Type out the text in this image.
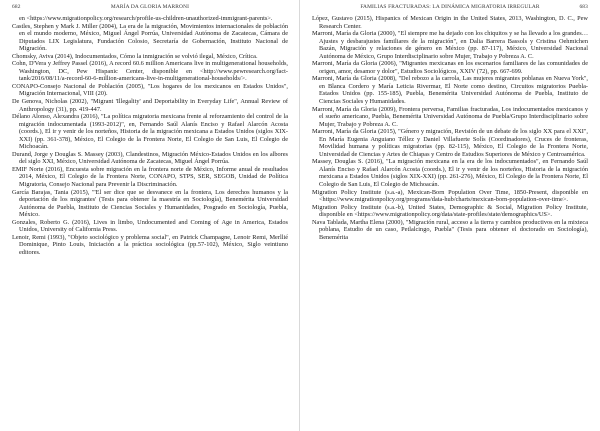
682	MARÍA DA GLORIA MARRONI

en <https://www.migrationpolicy.org/research/profile-us-children-unauthorized-immigrant-parents>.

Castles, Stephen y Mark J. Miller (2004), La era de la migración, Movimientos internacionales de población en el mundo moderno, México, Miguel Ángel Porrúa, Universidad Autónoma de Zacatecas, Cámara de Diputados LIX Legislatura, Fundación Colosio, Secretaría de Gobernación, Instituto Nacional de Migración.

Chomsky, Aviva (2014), Indocumentados, Cómo la inmigración se volvió ilegal, México, Crítica.

Cohn, D'Vera y Jeffrey Passel (2016), A record 60.6 million Americans live in multigenerational households, Washington, DC, Pew Hispanic Center, disponible en <http://www.pewresearch.org/fact-tank/2016/08/11/a-record-60-6-million-americans-live-in-multigenerational-households/>.

CONAPO-Consejo Nacional de Población (2005), "Los hogares de los mexicanos en Estados Unidos", Migración Internacional, VIII (20).

De Genova, Nicholas (2002), "Migrant 'Illegality' and Deportability in Everyday Life", Annual Review of Anthropology (31), pp. 419-447.

Délano Alonso, Alexandra (2016), "La política migratoria mexicana frente al reforzamiento del control de la migración indocumentada (1993-2012)", en, Fernando Saúl Alanís Enciso y Rafael Alarcón Acosta (coords.), El ir y venir de los norteños, Historia de la migración mexicana a Estados Unidos (siglos XIX-XXI) (pp. 361-378), México, El Colegio de la Frontera Norte, El Colegio de San Luis, El Colegio de Michoacán.

Durand, Jorge y Douglas S. Massey (2003), Clandestinos, Migración México-Estados Unidos en los albores del siglo XXI, México, Universidad Autónoma de Zacatecas, Miguel Ángel Porrúa.

EMIF Norte (2016), Encuesta sobre migración en la frontera norte de México, Informe anual de resultados 2014, México, El Colegio de la Frontera Norte, CONAPO, STPS, SER, SEGOB, Unidad de Política Migratoria, Consejo Nacional para Prevenir la Discriminación.

García Barajas, Tania (2015), "'El ser dice que se desvanece en la frontera, Los derechos humanos y la deportación de los migrantes' (Tesis para obtener la maestría en Sociología), Benemérita Universidad Autónoma de Puebla, Instituto de Ciencias Sociales y Humanidades, Posgrado en Sociología, Puebla, México.

Gonzales, Roberto G. (2016), Lives in limbo, Undocumented and Coming of Age in America, Estados Unidos, University of California Press.

Lenoir, Remi (1993), "Objeto sociológico y problema social", en Patrick Champagne, Lenoir Remi, Merllié Dominique, Pinto Louis, Iniciación a la práctica sociológica (pp.57-102), México, Siglo veintiuno editores.

FAMILIAS FRACTURADAS: LA DINÁMICA MIGRATORIA IRREGULAR	683

López, Gustavo (2015), Hispanics of Mexican Origin in the United States, 2013, Washington, D. C., Pew Research Center.

Marroni, María da Gloria (2000), "El siempre me ha dejado con los chiquitos y se ha llevado a los grandes… Ajustes y desbarajustes familiares de la migración", en Dalia Barrera Bassols y Cristina Oehmichen Bazán, Migración y relaciones de género en México (pp. 87-117), México, Universidad Nacional Autónoma de México, Grupo Interdisciplinario sobre Mujer, Trabajo y Pobreza A. C.

Marroni, María da Gloria (2006), "Migrantes mexicanas en los escenarios familiares de las comunidades de origen, amor, desamor y dolor", Estudios Sociológicos, XXIV (72), pp. 667-699.

Marroni, María da Gloria (2008), "Del rebozo a la carrola, Las mujeres migrantes poblanas en Nueva York", en Blanca Cordero y María Leticia Rivermar, El Norte como destino, Circuitos migratorios Puebla-Estados Unidos (pp. 155-185), Puebla, Benemérita Universidad Autónoma de Puebla, Instituto de Ciencias Sociales y Humanidades.

Marroni, María da Gloria (2009), Frontera perversa, Familias fracturadas, Los indocumentados mexicanos y el sueño americano, Puebla, Benemérita Universidad Autónoma de Puebla/Grupo Interdisciplinario sobre Mujer, Trabajo y Pobreza A. C.

Marroni, María da Gloria (2015), "Género y migración, Revisión de un debate de los siglo XX para el XXI", En María Eugenia Anguiano Téllez y Daniel Villafuerte Solís (Coordinadores), Cruces de fronteras, Movilidad humana y políticas migratorias (pp. 82-115), México, El Colegio de la Frontera Norte, Universidad de Ciencias y Artes de Chiapas y Centro de Estudios Superiores de México y Centroamérica.

Massey, Douglas S. (2016), "La migración mexicana en la era de los indocumentados", en Fernando Saúl Alanís Enciso y Rafael Alarcón Acosta (coords.), El ir y venir de los norteños, Historia de la migración mexicana a Estados Unidos (siglos XIX-XXI) (pp. 261-276), México, El Colegio de la Frontera Norte, El Colegio de San Luis, El Colegio de Michoacán.

Migration Policy Institute (s.a.-a), Mexican-Born Population Over Time, 1850-Present, disponible en <https://www.migrationpolicy.org/programs/data-hub/charts/mexican-born-population-over-time>.

Migration Policy Institute (s.a.-b), United States, Demographic & Social, Migration Policy Institute, disponible en <https://www.migrationpolicy.org/data/state-profiles/state/demographics/US>.

Nava Tablada, Martha Elena (2000), "Migración rural, acceso a la tierra y cambios productivos en la mixteca poblana, Estudio de un caso, Petlalcingo, Puebla" (Tesis para obtener el doctorado en Sociología), Benemérita
